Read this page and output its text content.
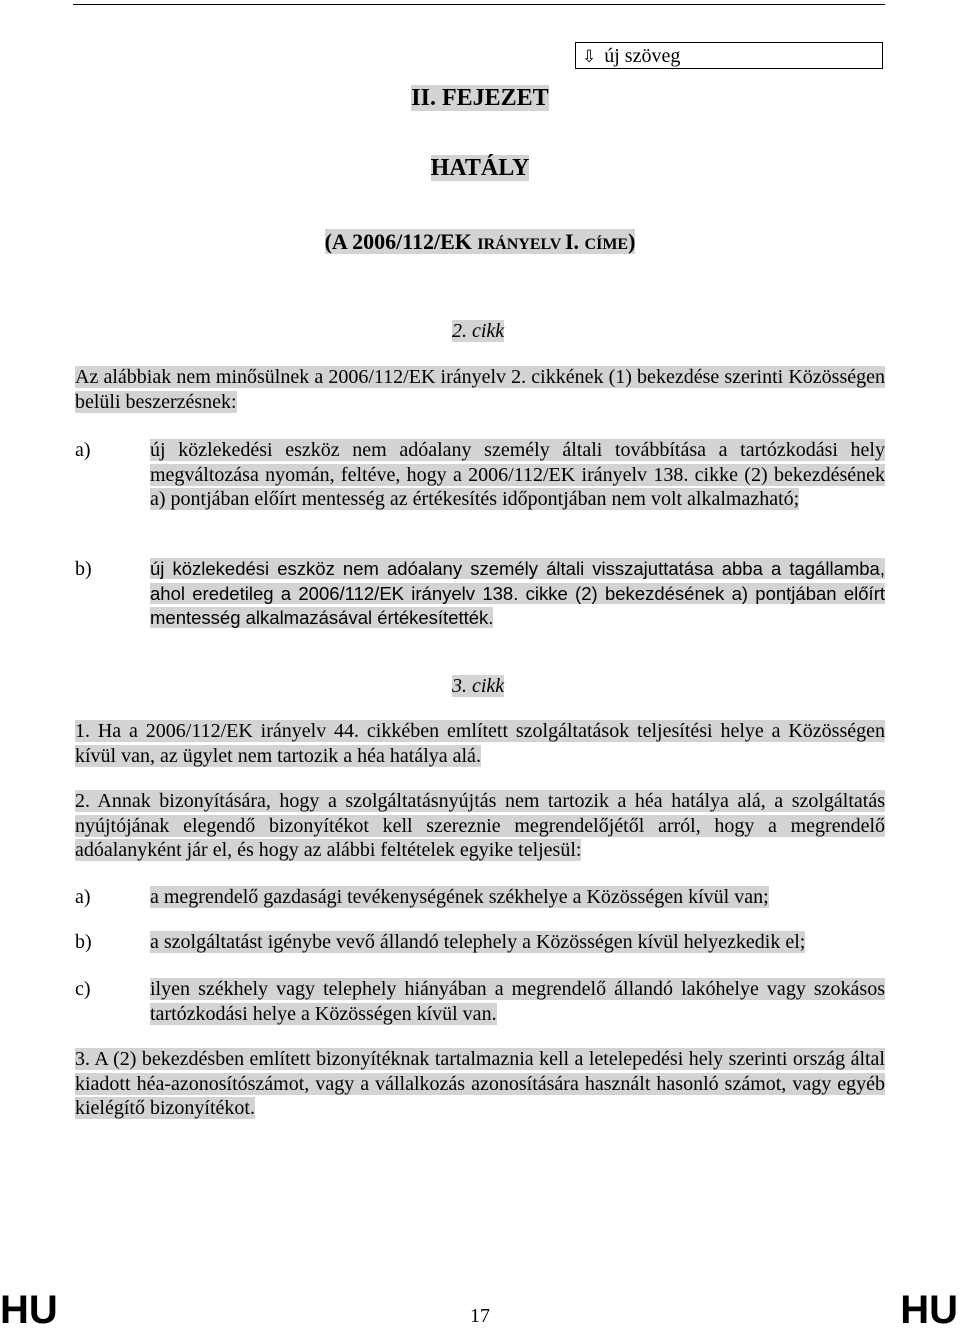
⇩ új szöveg
II. FEJEZET
HATÁLY
(A 2006/112/EK IRÁNYELV I. CÍME)
2. cikk
Az alábbiak nem minősülnek a 2006/112/EK irányelv 2. cikkének (1) bekezdése szerinti Közösségen belüli beszerzésnek:
a)	új közlekedési eszköz nem adóalany személy általi továbbítása a tartózkodási hely megváltozása nyomán, feltéve, hogy a 2006/112/EK irányelv 138. cikke (2) bekezdésének a) pontjában előírt mentesség az értékesítés időpontjában nem volt alkalmazható;
b)	új közlekedési eszköz nem adóalany személy általi visszajuttatása abba a tagállamba, ahol eredetileg a 2006/112/EK irányelv 138. cikke (2) bekezdésének a) pontjában előírt mentesség alkalmazásával értékesítették.
3. cikk
1. Ha a 2006/112/EK irányelv 44. cikkében említett szolgáltatások teljesítési helye a Közösségen kívül van, az ügylet nem tartozik a héa hatálya alá.
2. Annak bizonyítására, hogy a szolgáltatásnyújtás nem tartozik a héa hatálya alá, a szolgáltatás nyújtójának elegendő bizonyítékot kell szereznie megrendelőjétől arról, hogy a megrendelő adóalanyként jár el, és hogy az alábbi feltételek egyike teljesül:
a)	a megrendelő gazdasági tevékenységének székhelye a Közösségen kívül van;
b)	a szolgáltatást igénybe vevő állandó telephely a Közösségen kívül helyezkedik el;
c)	ilyen székhely vagy telephely hiányában a megrendelő állandó lakóhelye vagy szokásos tartózkodási helye a Közösségen kívül van.
3. A (2) bekezdésben említett bizonyítéknak tartalmaznia kell a letelepedési hely szerinti ország által kiadott héa-azonosítószámot, vagy a vállalkozás azonosítására használt hasonló számot, vagy egyéb kielégítő bizonyítékot.
HU	17	HU
